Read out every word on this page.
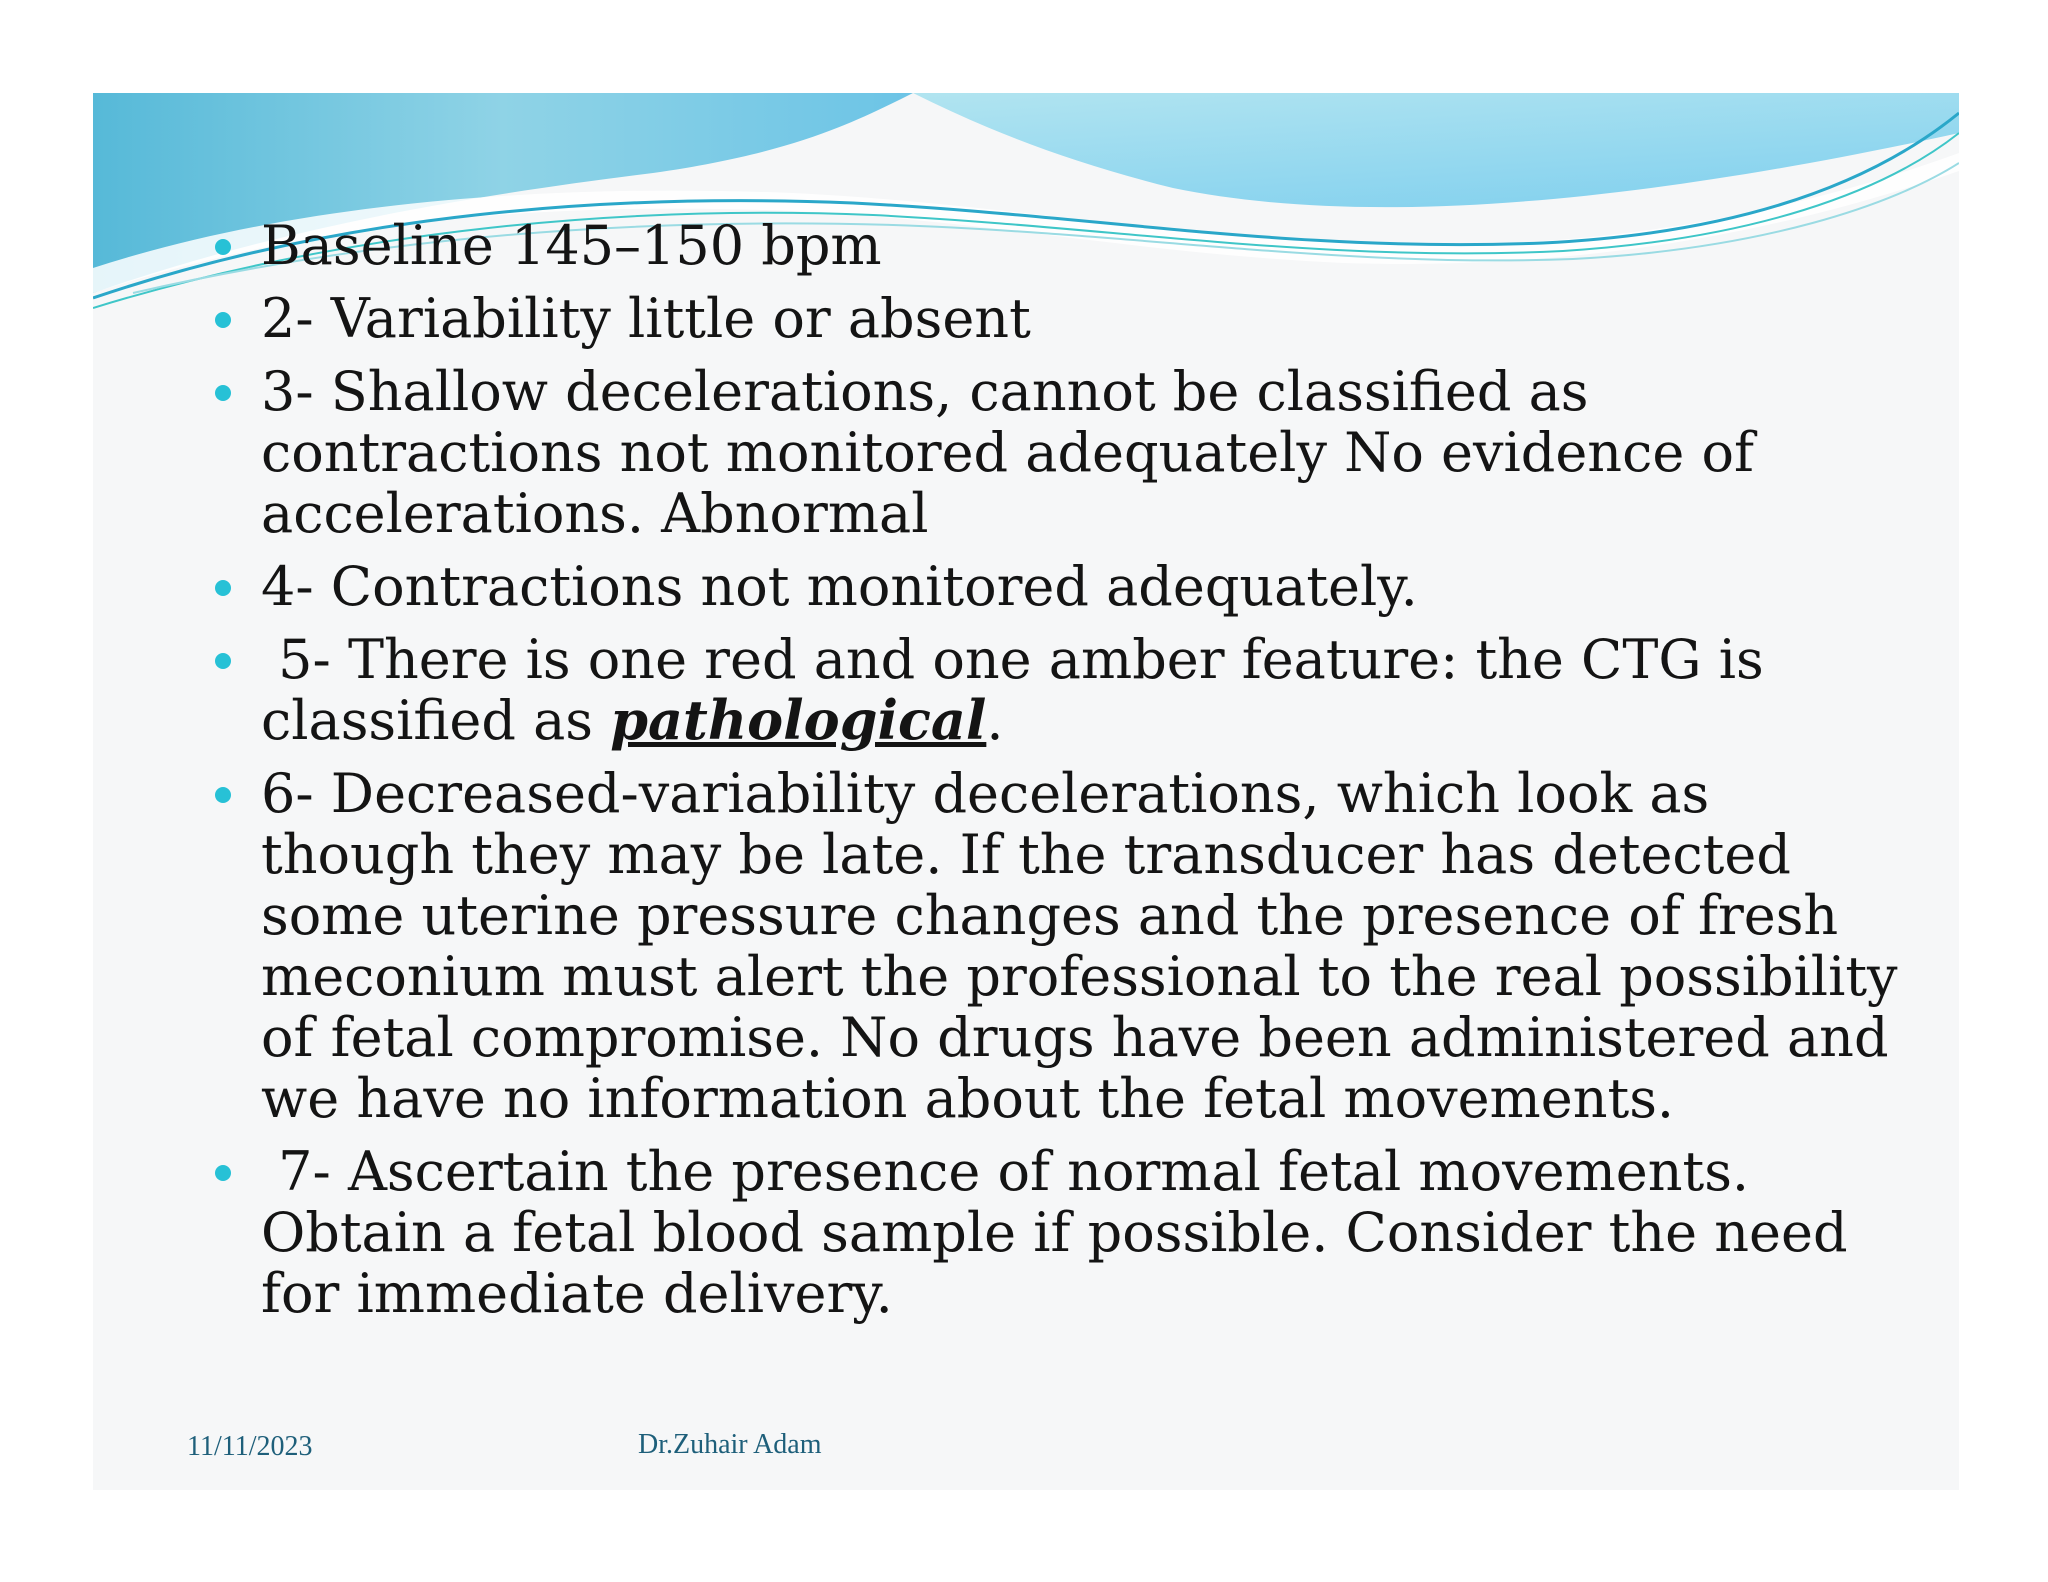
Baseline 145–150 bpm
2- Variability little or absent
3- Shallow decelerations, cannot be classified as contractions not monitored adequately No evidence of accelerations. Abnormal
4- Contractions not monitored adequately.
5- There is one red and one amber feature: the CTG is classified as pathological.
6- Decreased-variability decelerations, which look as though they may be late. If the transducer has detected some uterine pressure changes and the presence of fresh meconium must alert the professional to the real possibility of fetal compromise. No drugs have been administered and we have no information about the fetal movements.
7- Ascertain the presence of normal fetal movements. Obtain a fetal blood sample if possible. Consider the need for immediate delivery.
11/11/2023	Dr.Zuhair Adam
